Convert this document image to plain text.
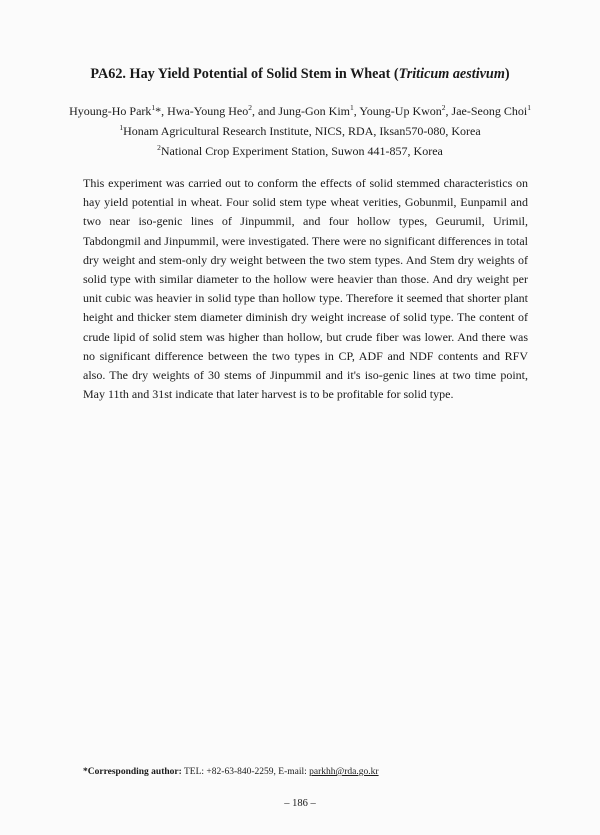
PA62. Hay Yield Potential of Solid Stem in Wheat (Triticum aestivum)
Hyoung-Ho Park$^1$*, Hwa-Young Heo$^2$, and Jung-Gon Kim$^1$, Young-Up Kwon$^2$, Jae-Seong Choi$^1$
$^1$Honam Agricultural Research Institute, NICS, RDA, Iksan570-080, Korea
$^2$National Crop Experiment Station, Suwon 441-857, Korea

This experiment was carried out to conform the effects of solid stemmed characteristics on hay yield potential in wheat. Four solid stem type wheat verities, Gobunmil, Eunpamil and two near iso-genic lines of Jinpummil, and four hollow types, Geurumil, Urimil, Tabdongmil and Jinpummil, were investigated. There were no significant differences in total dry weight and stem-only dry weight between the two stem types. And Stem dry weights of solid type with similar diameter to the hollow were heavier than those. And dry weight per unit cubic was heavier in solid type than hollow type. Therefore it seemed that shorter plant height and thicker stem diameter diminish dry weight increase of solid type. The content of crude lipid of solid stem was higher than hollow, but crude fiber was lower. And there was no significant difference between the two types in CP, ADF and NDF contents and RFV also. The dry weights of 30 stems of Jinpummil and it's iso-genic lines at two time point, May 11th and 31st indicate that later harvest is to be profitable for solid type.

*Corresponding author: TEL: +82-63-840-2259, E-mail: parkhh@rda.go.kr
– 186 –
